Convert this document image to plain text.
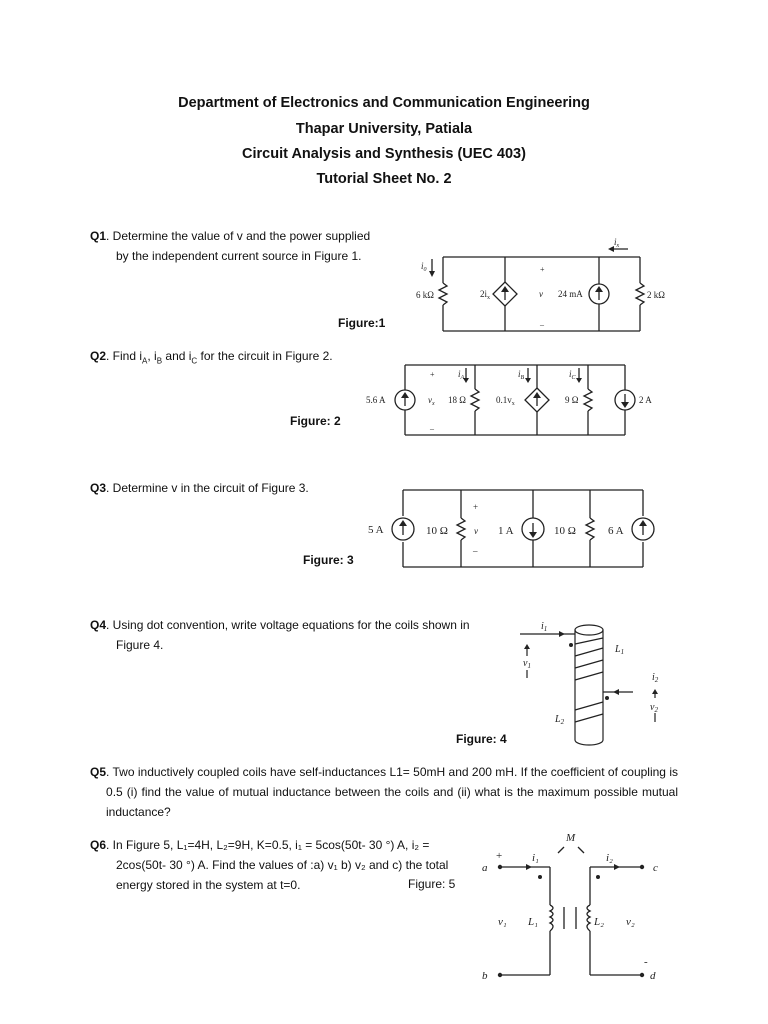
Department of Electronics and Communication Engineering
Thapar University, Patiala
Circuit Analysis and Synthesis (UEC 403)
Tutorial Sheet No. 2
Q1. Determine the value of v and the power supplied
by the independent current source in Figure 1.
6 kΩ	$2i_x$
+
v
–
24 mA	2 kΩ
$i_0$
$i_x$
Figure:1
Q2. Find $i_A$, $i_B$ and $i_C$ for the circuit in Figure 2.
5.6 A
+
$v_x$
–
18 Ω	$0.1v_x$	9 Ω	2 A
$i_A$	$i_B$	$i_C$
Figure: 2
Q3. Determine v in the circuit of Figure 3.
5 A	10 Ω
+
v
–
1 A	10 Ω	6 A
Figure: 3
Q4. Using dot convention, write voltage equations for the coils shown in
Figure 4.
$i_1$
$v_1$
$L_1$
$i_2$
$v_2$
$L_2$
Figure: 4
Q5 . Two inductively coupled coils have self-inductances L1= 50mH and 200 mH. If the coefficient of coupling is 0.5 (i) find the value of mutual inductance between the coils and (ii) what is the maximum possible mutual inductance?
Q6. In Figure 5, L₁=4H, L₂=9H, K=0.5, i₁ = 5cos(50t- 30 °) A, i₂ =
2cos(50t- 30 °) A. Find the values of :a) v₁ b) v₂ and c) the total
energy stored in the system at t=0.	Figure: 5
M
a
b
c
d
i₁	i₂
v₁	v₂
L₁	L₂
+
-
